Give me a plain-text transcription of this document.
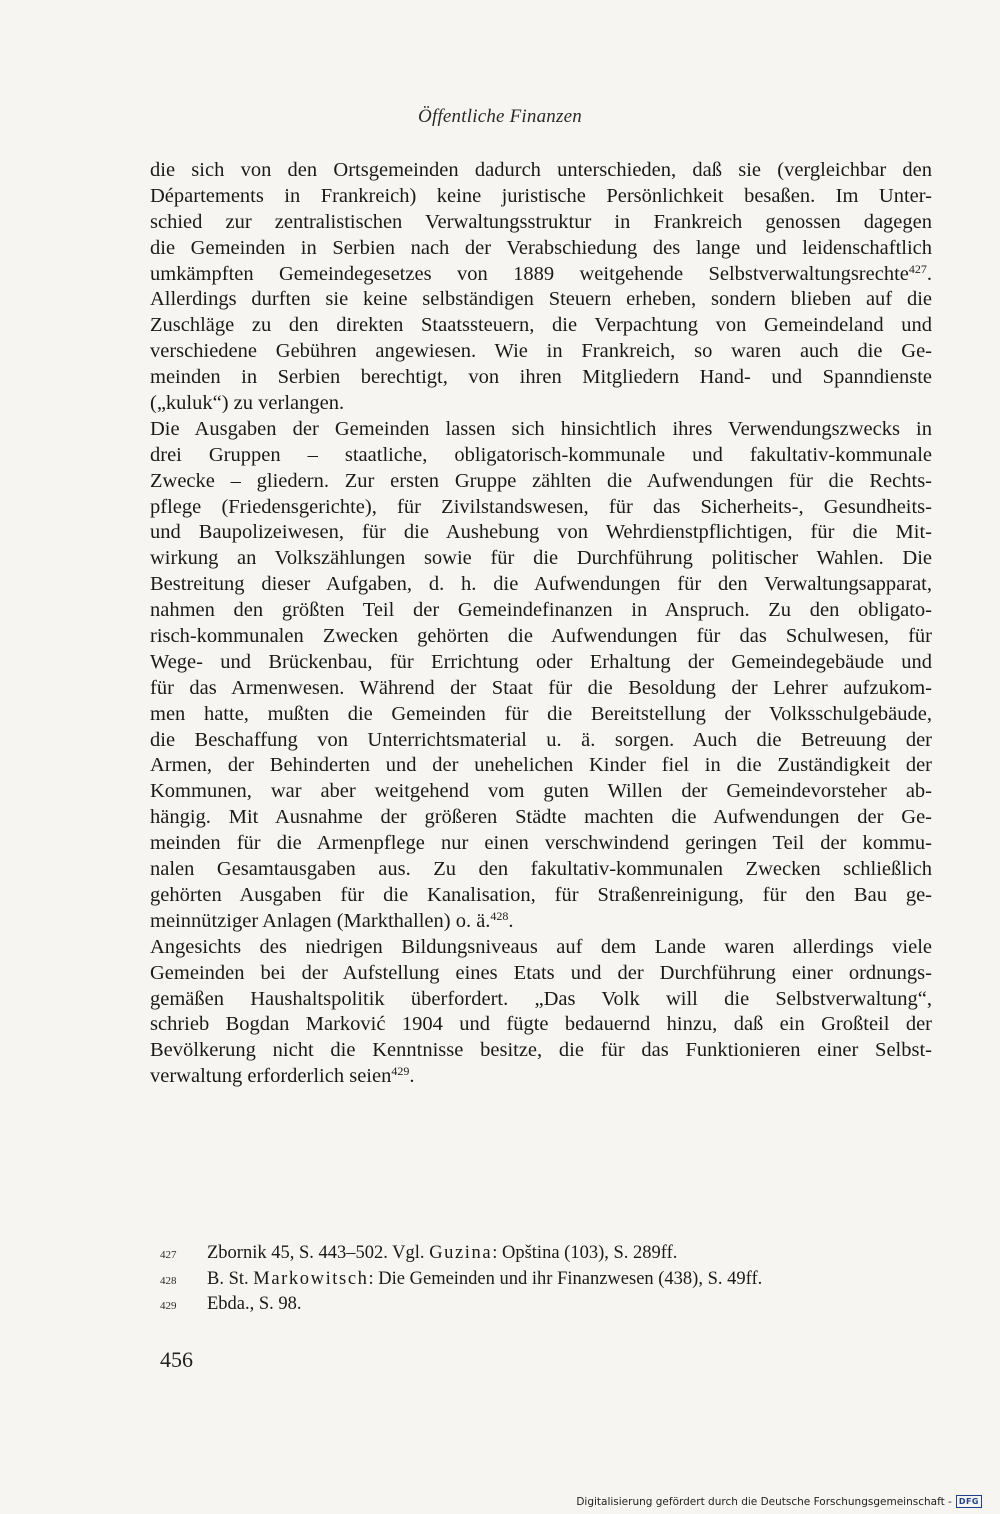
Öffentliche Finanzen
die sich von den Ortsgemeinden dadurch unterschieden, daß sie (vergleichbar den
Départements in Frankreich) keine juristische Persönlichkeit besaßen. Im Unter-
schied zur zentralistischen Verwaltungsstruktur in Frankreich genossen dagegen
die Gemeinden in Serbien nach der Verabschiedung des lange und leidenschaftlich
umkämpften Gemeindegesetzes von 1889 weitgehende Selbstverwaltungsrechte$^{427}$.
Allerdings durften sie keine selbständigen Steuern erheben, sondern blieben auf die
Zuschläge zu den direkten Staatssteuern, die Verpachtung von Gemeindeland und
verschiedene Gebühren angewiesen. Wie in Frankreich, so waren auch die Ge-
meinden in Serbien berechtigt, von ihren Mitgliedern Hand- und Spanndienste
(„kuluk“) zu verlangen.
Die Ausgaben der Gemeinden lassen sich hinsichtlich ihres Verwendungszwecks in
drei Gruppen – staatliche, obligatorisch-kommunale und fakultativ-kommunale
Zwecke – gliedern. Zur ersten Gruppe zählten die Aufwendungen für die Rechts-
pflege (Friedensgerichte), für Zivilstandswesen, für das Sicherheits-, Gesundheits-
und Baupolizeiwesen, für die Aushebung von Wehrdienstpflichtigen, für die Mit-
wirkung an Volkszählungen sowie für die Durchführung politischer Wahlen. Die
Bestreitung dieser Aufgaben, d. h. die Aufwendungen für den Verwaltungsapparat,
nahmen den größten Teil der Gemeindefinanzen in Anspruch. Zu den obligato-
risch-kommunalen Zwecken gehörten die Aufwendungen für das Schulwesen, für
Wege- und Brückenbau, für Errichtung oder Erhaltung der Gemeindegebäude und
für das Armenwesen. Während der Staat für die Besoldung der Lehrer aufzukom-
men hatte, mußten die Gemeinden für die Bereitstellung der Volksschulgebäude,
die Beschaffung von Unterrichtsmaterial u. ä. sorgen. Auch die Betreuung der
Armen, der Behinderten und der unehelichen Kinder fiel in die Zuständigkeit der
Kommunen, war aber weitgehend vom guten Willen der Gemeindevorsteher ab-
hängig. Mit Ausnahme der größeren Städte machten die Aufwendungen der Ge-
meinden für die Armenpflege nur einen verschwindend geringen Teil der kommu-
nalen Gesamtausgaben aus. Zu den fakultativ-kommunalen Zwecken schließlich
gehörten Ausgaben für die Kanalisation, für Straßenreinigung, für den Bau ge-
meinnütziger Anlagen (Markthallen) o. ä.$^{428}$.
Angesichts des niedrigen Bildungsniveaus auf dem Lande waren allerdings viele
Gemeinden bei der Aufstellung eines Etats und der Durchführung einer ordnungs-
gemäßen Haushaltspolitik überfordert. „Das Volk will die Selbstverwaltung“,
schrieb Bogdan Marković 1904 und fügte bedauernd hinzu, daß ein Großteil der
Bevölkerung nicht die Kenntnisse besitze, die für das Funktionieren einer Selbst-
verwaltung erforderlich seien$^{429}$.
427	Zbornik 45, S. 443–502. Vgl. Guzina: Opština (103), S. 289ff.
428	B. St. Markowitsch: Die Gemeinden und ihr Finanzwesen (438), S. 49ff.
429	Ebda., S. 98.
456
Digitalisierung gefördert durch die Deutsche Forschungsgemeinschaft - DFG
